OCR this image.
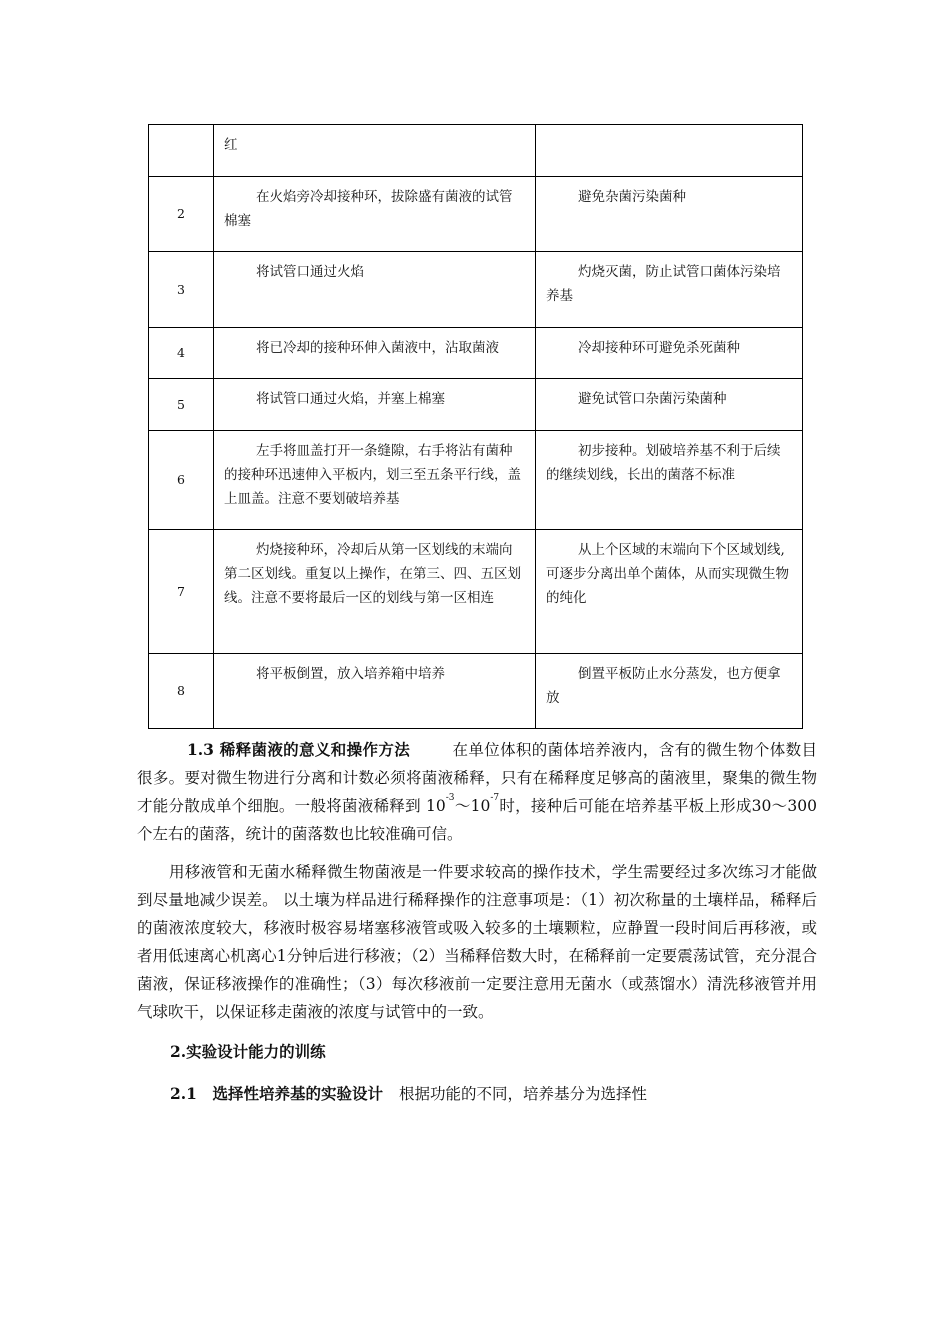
	红	
2	在火焰旁冷却接种环，拔除盛有菌液的试管棉塞	避免杂菌污染菌种
3	将试管口通过火焰	灼烧灭菌，防止试管口菌体污染培养基
4	将已冷却的接种环伸入菌液中，沾取菌液	冷却接种环可避免杀死菌种
5	将试管口通过火焰，并塞上棉塞	避免试管口杂菌污染菌种
6	左手将皿盖打开一条缝隙，右手将沾有菌种的接种环迅速伸入平板内，划三至五条平行线，盖上皿盖。注意不要划破培养基	初步接种。划破培养基不利于后续的继续划线，长出的菌落不标准
7	灼烧接种环，冷却后从第一区划线的末端向第二区划线。重复以上操作，在第三、四、五区划线。注意不要将最后一区的划线与第一区相连	从上个区域的末端向下个区域划线,可逐步分离出单个菌体，从而实现微生物的纯化
8	将平板倒置，放入培养箱中培养	倒置平板防止水分蒸发，也方便拿放
1.3 稀释菌液的意义和操作方法	在单位体积的菌体培养液内，含有的微生物个体数目很多。要对微生物进行分离和计数必须将菌液稀释，只有在稀释度足够高的菌液里，聚集的微生物才能分散成单个细胞。一般将菌液稀释到 $10^{-3}\sim 10^{-7}$时，接种后可能在培养基平板上形成30～300个左右的菌落，统计的菌落数也比较准确可信。
用移液管和无菌水稀释微生物菌液是一件要求较高的操作技术，学生需要经过多次练习才能做到尽量地减少误差。 以土壤为样品进行稀释操作的注意事项是：（1）初次称量的土壤样品，稀释后的菌液浓度较大，移液时极容易堵塞移液管或吸入较多的土壤颗粒，应静置一段时间后再移液，或者用低速离心机离心1分钟后进行移液；（2）当稀释倍数大时，在稀释前一定要震荡试管，充分混合菌液，保证移液操作的准确性；（3）每次移液前一定要注意用无菌水（或蒸馏水）清洗移液管并用气球吹干，以保证移走菌液的浓度与试管中的一致。
2.实验设计能力的训练
2.1　选择性培养基的实验设计 根据功能的不同，培养基分为选择性
